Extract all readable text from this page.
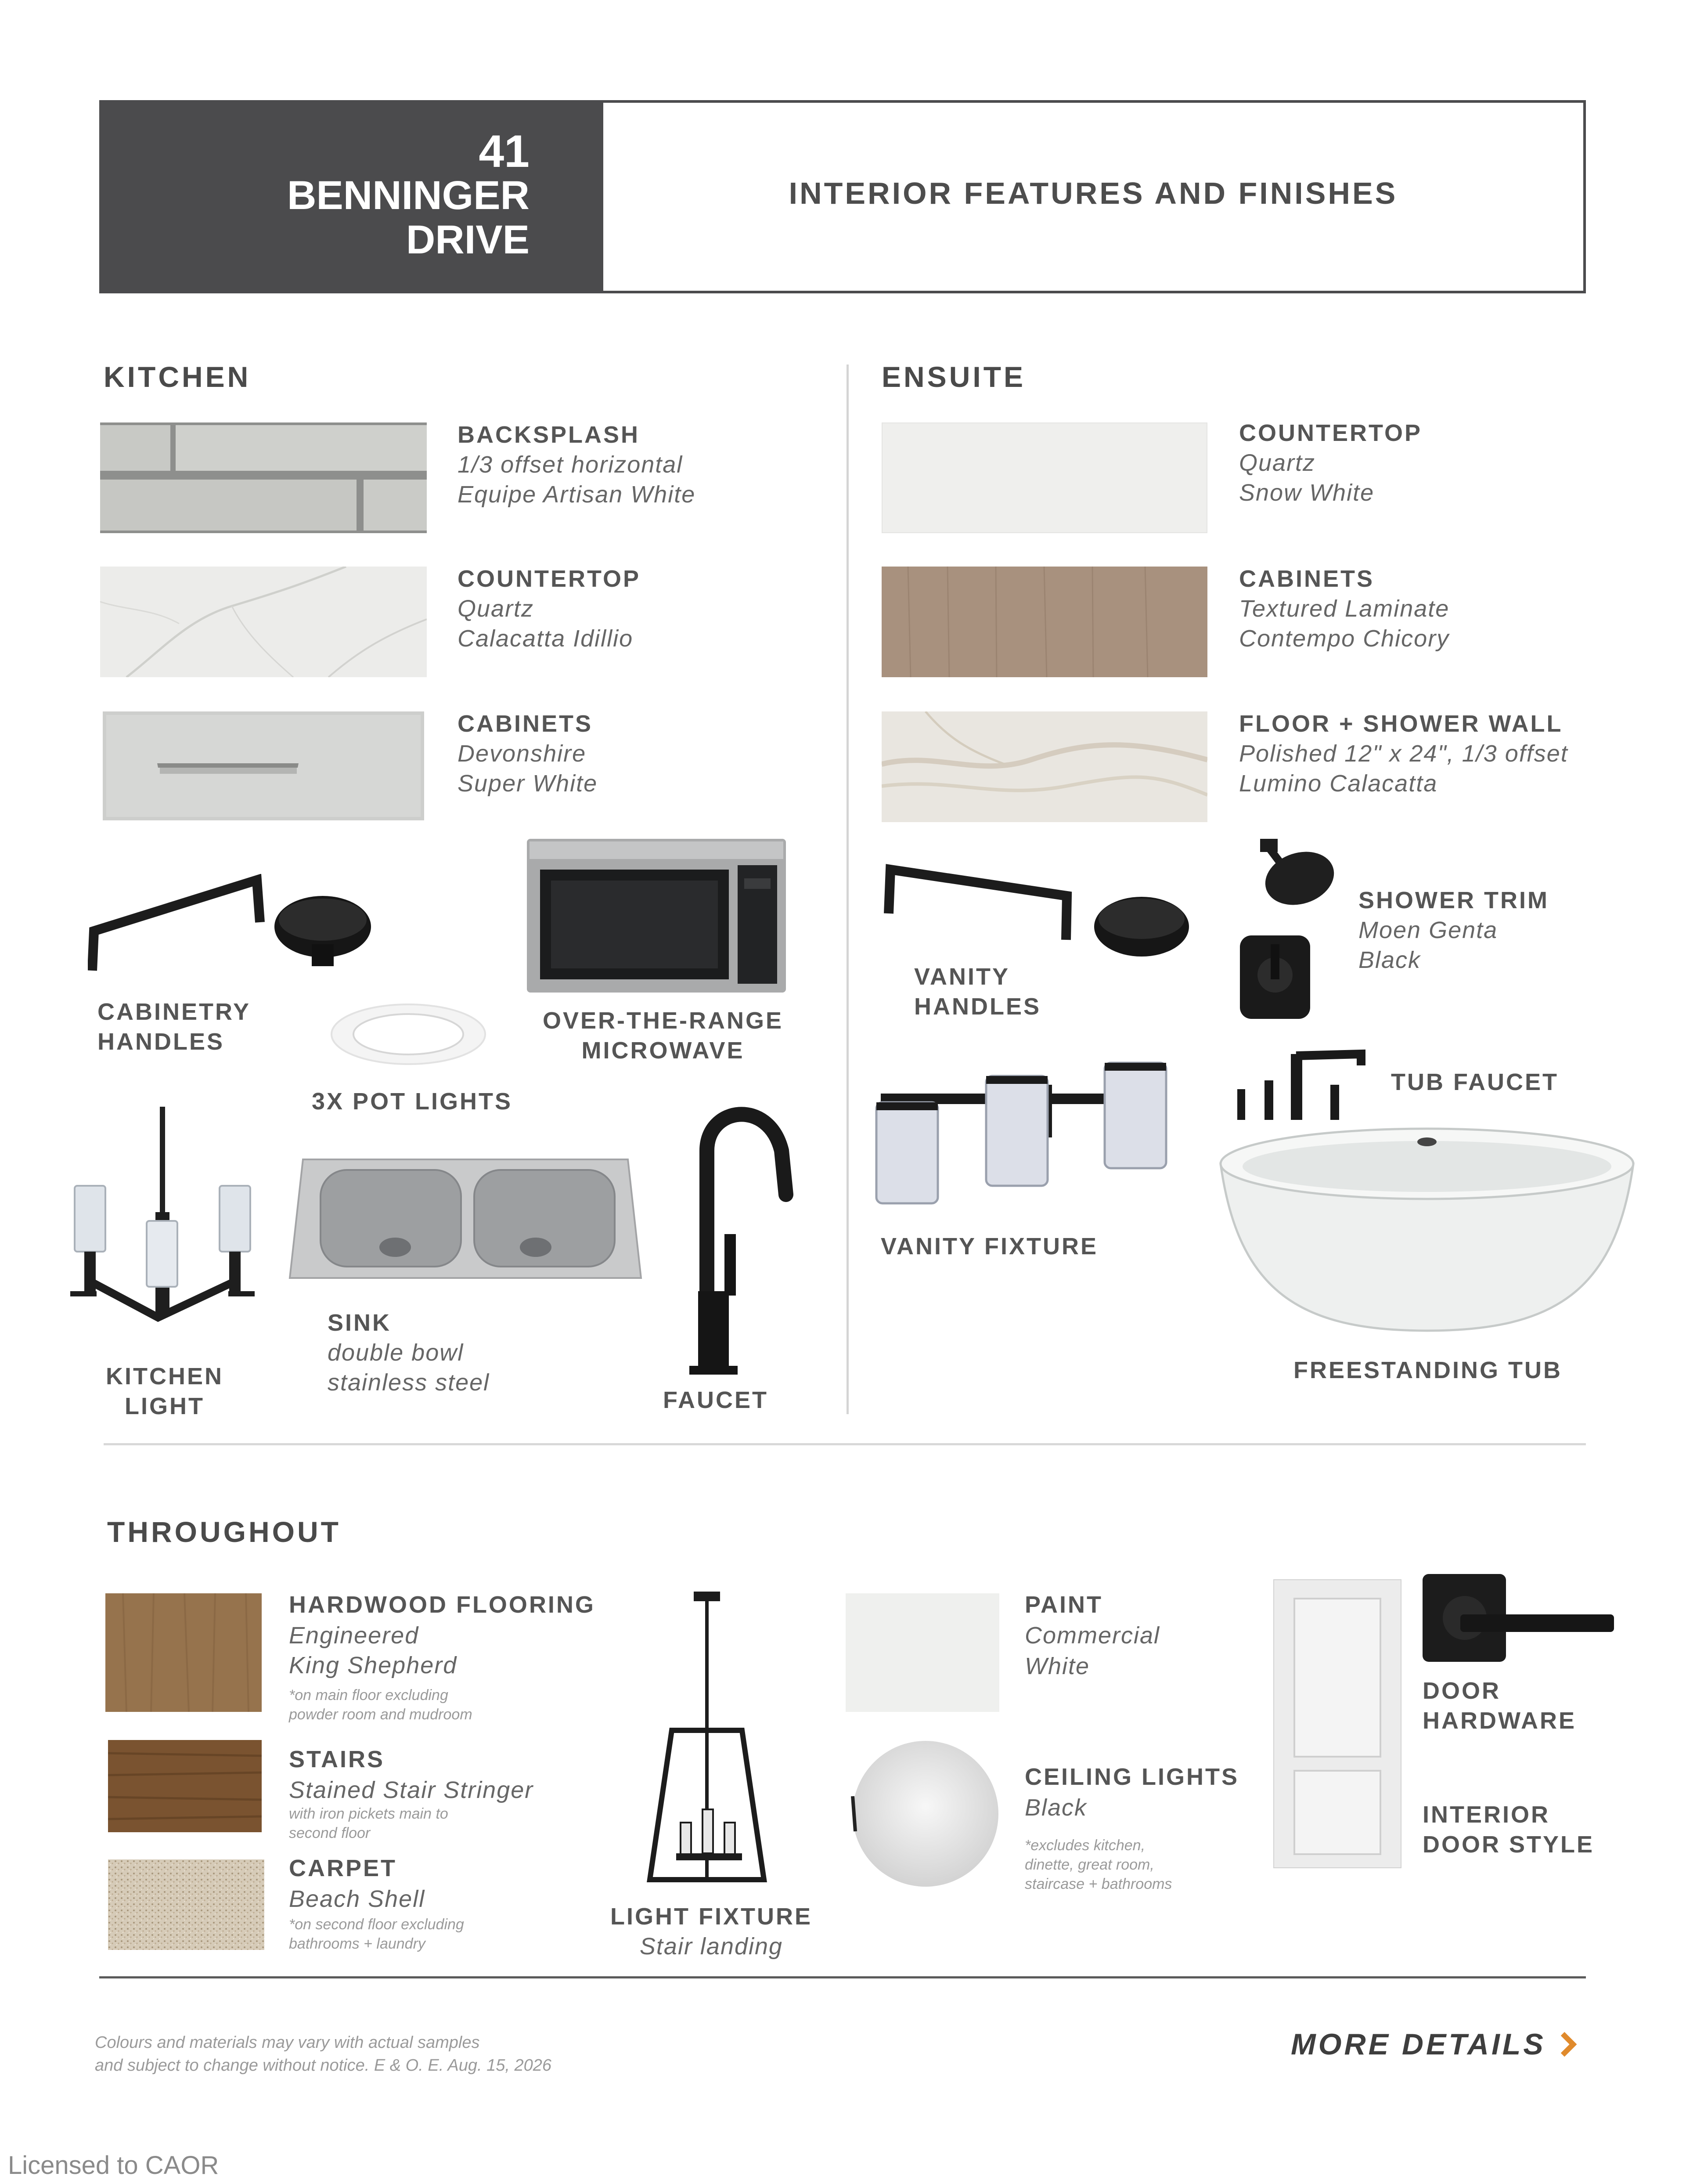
41
BENNINGER
DRIVE
INTERIOR FEATURES AND FINISHES
KITCHEN	ENSUITE
BACKSPLASH
1/3 offset horizontal
Equipe Artisan White
COUNTERTOP
Quartz
Calacatta Idillio
CABINETS
Devonshire
Super White
CABINETRY
HANDLES
3X POT LIGHTS
OVER-THE-RANGE
MICROWAVE
KITCHEN
LIGHT
SINK
double bowl
stainless steel
FAUCET
COUNTERTOP
Quartz
Snow White
CABINETS
Textured Laminate
Contempo Chicory
FLOOR + SHOWER WALL
Polished 12" x 24", 1/3 offset
Lumino Calacatta
VANITY
HANDLES
SHOWER TRIM
Moen Genta
Black
VANITY FIXTURE
TUB FAUCET
FREESTANDING TUB
THROUGHOUT
HARDWOOD FLOORING
Engineered
King Shepherd
*on main floor excluding
powder room and mudroom
STAIRS
Stained Stair Stringer
with iron pickets main to
second floor
CARPET
Beach Shell
*on second floor excluding
bathrooms + laundry
LIGHT FIXTURE
Stair landing
PAINT
Commercial
White
CEILING LIGHTS
Black
*excludes kitchen,
dinette, great room,
staircase + bathrooms
DOOR
HARDWARE
INTERIOR
DOOR STYLE
Colours and materials may vary with actual samples
and subject to change without notice. E & O. E. Aug. 15, 2026
MORE DETAILS
Licensed to CAOR
